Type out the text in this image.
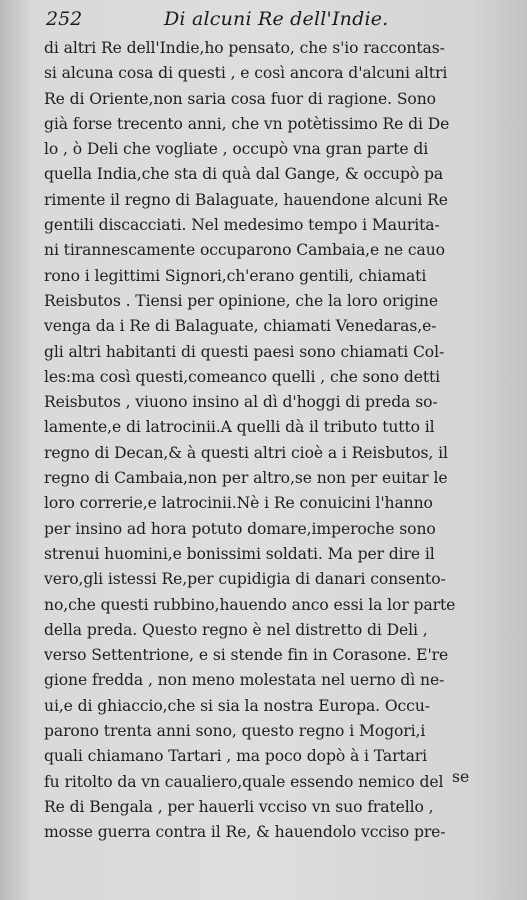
252	Di alcuni Re dell'Indie.
di altri Re dell'Indie,ho pensato, che s'io raccontas-
si alcuna cosa di questi , e così ancora d'alcuni altri
Re di Oriente,non saria cosa fuor di ragione. Sono
già forse trecento anni, che vn potètissimo Re di De
lo , ò Deli che vogliate , occupò vna gran parte di
quella India,che sta di quà dal Gange, & occupò pa
rimente il regno di Balaguate, hauendone alcuni Re
gentili discacciati. Nel medesimo tempo i Maurita-
ni tirannescamente occuparono Cambaia,e ne cauo
rono i legittimi Signori,ch'erano gentili, chiamati
Reisbutos . Tiensi per opinione, che la loro origine
venga da i Re di Balaguate, chiamati Venedaras,e-
gli altri habitanti di questi paesi sono chiamati Col-
les:ma così questi,comeanco quelli , che sono detti
Reisbutos , viuono insino al dì d'hoggi di preda so-
lamente,e di latrocinii.A quelli dà il tributo tutto il
regno di Decan,& à questi altri cioè a i Reisbutos, il
regno di Cambaia,non per altro,se non per euitar le
loro correrie,e latrocinii.Nè i Re conuicini l'hanno
per insino ad hora potuto domare,imperoche sono
strenui huomini,e bonissimi soldati. Ma per dire il
vero,gli istessi Re,per cupidigia di danari consento-
no,che questi rubbino,hauendo anco essi la lor parte
della preda. Questo regno è nel distretto di Deli ,
verso Settentrione, e si stende fin in Corasone. E're
gione fredda , non meno molestata nel uerno dì ne-
ui,e di ghiaccio,che si sia la nostra Europa. Occu-
parono trenta anni sono, questo regno i Mogori,i
quali chiamano Tartari , ma poco dopò à i Tartari
fu ritolto da vn caualiero,quale essendo nemico del
Re di Bengala , per hauerli vcciso vn suo fratello ,
mosse guerra contra il Re, & hauendolo vcciso pre-
se
